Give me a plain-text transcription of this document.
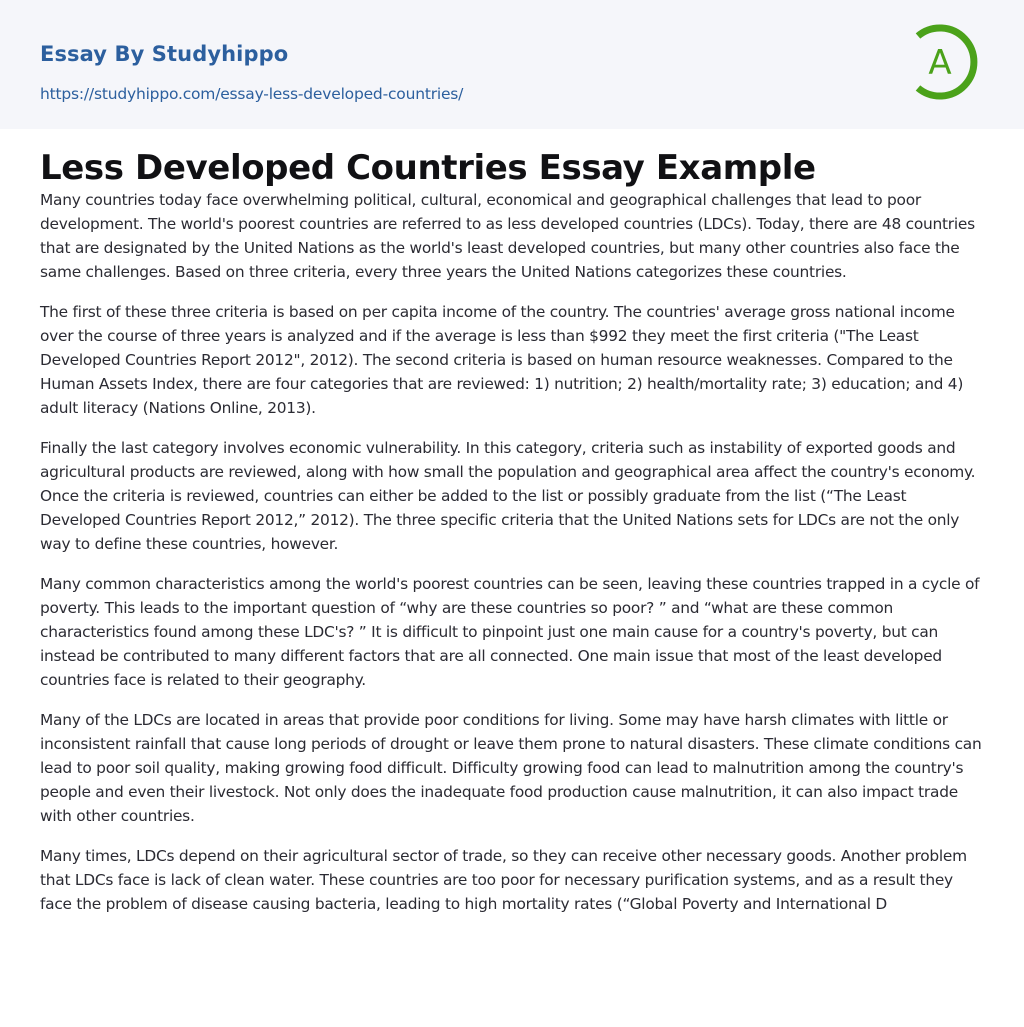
Essay By Studyhippo
https://studyhippo.com/essay-less-developed-countries/
A
Less Developed Countries Essay Example

Many countries today face overwhelming political, cultural, economical and geographical challenges that lead to poor development. The world's poorest countries are referred to as less developed countries (LDCs). Today, there are 48 countries that are designated by the United Nations as the world's least developed countries, but many other countries also face the same challenges. Based on three criteria, every three years the United Nations categorizes these countries.

The first of these three criteria is based on per capita income of the country. The countries' average gross national income over the course of three years is analyzed and if the average is less than $992 they meet the first criteria ("The Least Developed Countries Report 2012", 2012). The second criteria is based on human resource weaknesses. Compared to the Human Assets Index, there are four categories that are reviewed: 1) nutrition; 2) health/mortality rate; 3) education; and 4) adult literacy (Nations Online, 2013).

Finally the last category involves economic vulnerability. In this category, criteria such as instability of exported goods and agricultural products are reviewed, along with how small the population and geographical area affect the country's economy. Once the criteria is reviewed, countries can either be added to the list or possibly graduate from the list (“The Least Developed Countries Report 2012,” 2012). The three specific criteria that the United Nations sets for LDCs are not the only way to define these countries, however.

Many common characteristics among the world's poorest countries can be seen, leaving these countries trapped in a cycle of poverty. This leads to the important question of “why are these countries so poor? ” and “what are these common characteristics found among these LDC's? ” It is difficult to pinpoint just one main cause for a country's poverty, but can instead be contributed to many different factors that are all connected. One main issue that most of the least developed countries face is related to their geography.

Many of the LDCs are located in areas that provide poor conditions for living. Some may have harsh climates with little or inconsistent rainfall that cause long periods of drought or leave them prone to natural disasters. These climate conditions can lead to poor soil quality, making growing food difficult. Difficulty growing food can lead to malnutrition among the country's people and even their livestock. Not only does the inadequate food production cause malnutrition, it can also impact trade with other countries.

Many times, LDCs depend on their agricultural sector of trade, so they can receive other necessary goods. Another problem that LDCs face is lack of clean water. These countries are too poor for necessary purification systems, and as a result they face the problem of disease causing bacteria, leading to high mortality rates (“Global Poverty and International D
